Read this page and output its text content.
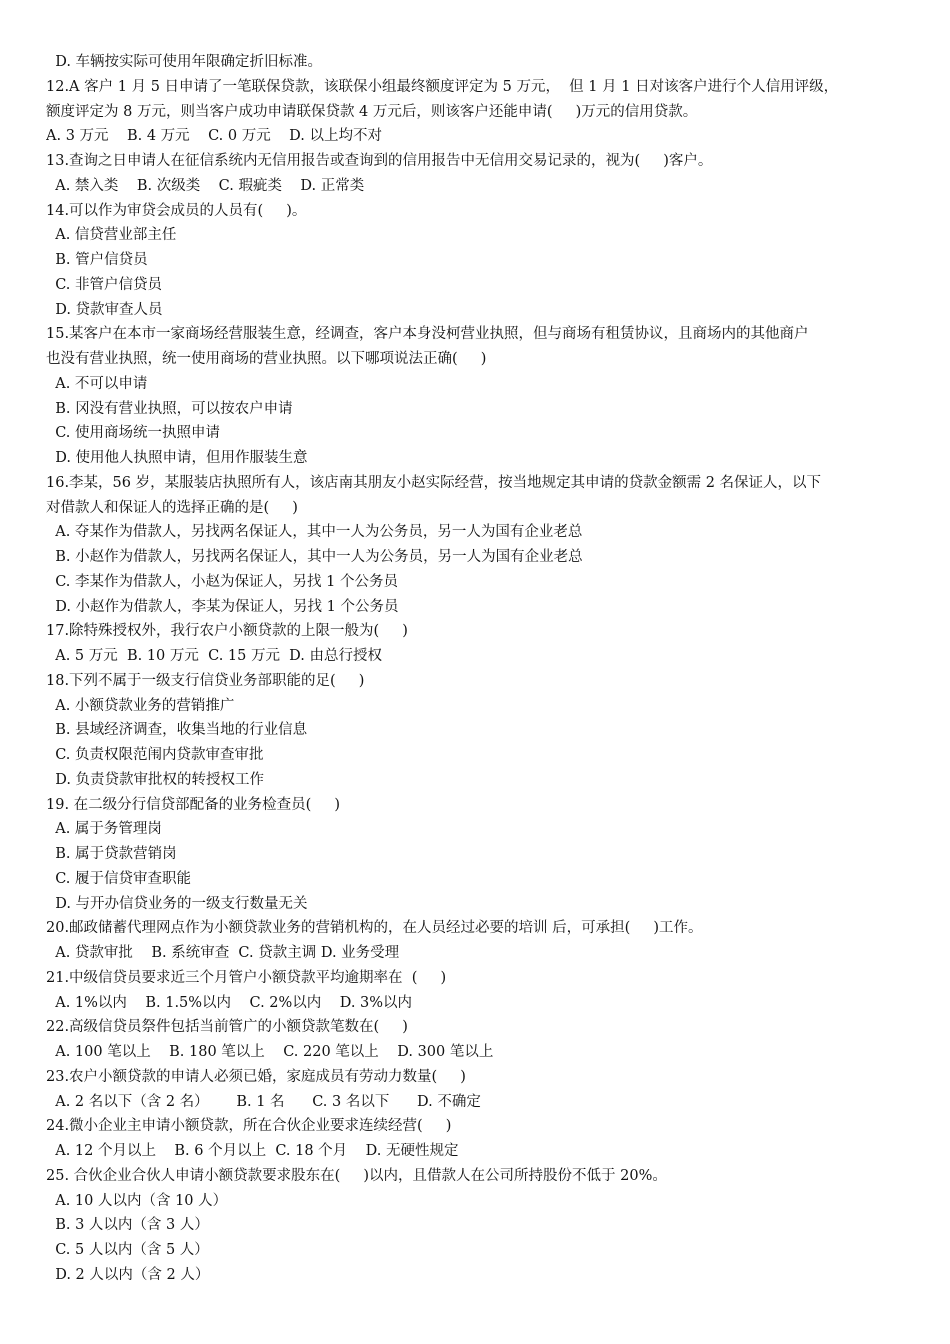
D. 车辆按实际可使用年限确定折旧标准。
12.A 客户 1 月 5 日申请了一笔联保贷款，该联保小组最终额度评定为 5 万元，  但 1 月 1 日对该客户进行个人信用评级，
额度评定为 8 万元，则当客户成功申请联保贷款 4 万元后，则该客户还能申请(     )万元的信用贷款。
A. 3 万元    B. 4 万元    C. 0 万元    D. 以上均不对
13.查询之日申请人在征信系统内无信用报告或查询到的信用报告中无信用交易记录的，视为(     )客户。
A. 禁入类    B. 次级类    C. 瑕疵类    D. 正常类
14.可以作为审贷会成员的人员有(     )。
A. 信贷营业部主任
B. 管户信贷员
C. 非管户信贷员
D. 贷款审查人员
15.某客户在本市一家商场经营服装生意，经调查，客户本身没柯营业执照，但与商场有租赁协议，且商场内的其他商户
也没有营业执照，统一使用商场的营业执照。以下哪项说法正确(     )
A. 不可以申请
B. 冈没有营业执照，可以按农户申请
C. 使用商场统一执照申请
D. 使用他人执照申请，但用作服装生意
16.李某，56 岁，某服装店执照所有人，该店南其朋友小赵实际经营，按当地规定其申请的贷款金额需 2 名保证人，以下
对借款人和保证人的选择正确的是(     )
A. 夺某作为借款人，另找两名保证人，其中一人为公务员，另一人为国有企业老总
B. 小赵作为借款人，另找两名保证人，其中一人为公务员，另一人为国有企业老总
C. 李某作为借款人，小赵为保证人，另找 1 个公务员
D. 小赵作为借款人，李某为保证人，另找 1 个公务员
17.除特殊授权外，我行农户小额贷款的上限一般为(     )
A. 5 万元  B. 10 万元  C. 15 万元  D. 由总行授权
18.下列不属于一级支行信贷业务部职能的足(     )
A. 小额贷款业务的营销推广
B. 县域经济调查，收集当地的行业信息
C. 负责权限范闱内贷款审查审批
D. 负责贷款审批权的转授权工作
19. 在二级分行信贷部配备的业务检查员(     )
A. 属于务管理岗
B. 属于贷款营销岗
C. 履于信贷审查职能
D. 与开办信贷业务的一级支行数量无关
20.邮政储蓄代理网点作为小额贷款业务的营销机构的，在人员经过必要的培训 后，可承担(     )工作。
A. 贷款审批    B. 系统审查  C. 贷款主调 D. 业务受理
21.中级信贷员要求近三个月管户小额贷款平均逾期率在  (     )
A. 1%以内    B. 1.5%以内    C. 2%以内    D. 3%以内
22.高级信贷员祭件包括当前管广的小额贷款笔数在(     )
A. 100 笔以上    B. 180 笔以上    C. 220 笔以上    D. 300 笔以上
23.农户小额贷款的申请人必须已婚，家庭成员有劳动力数量(     )
A. 2 名以下（含 2 名）      B. 1 名      C. 3 名以下      D. 不确定
24.微小企业主申请小额贷款，所在合伙企业要求连续经营(     )
A. 12 个月以上    B. 6 个月以上  C. 18 个月    D. 无硬性规定
25. 合伙企业合伙人申请小额贷款要求股东在(     )以内，且借款人在公司所持股份不低于 20%。
A. 10 人以内（含 10 人）
B. 3 人以内（含 3 人）
C. 5 人以内（含 5 人）
D. 2 人以内（含 2 人）
